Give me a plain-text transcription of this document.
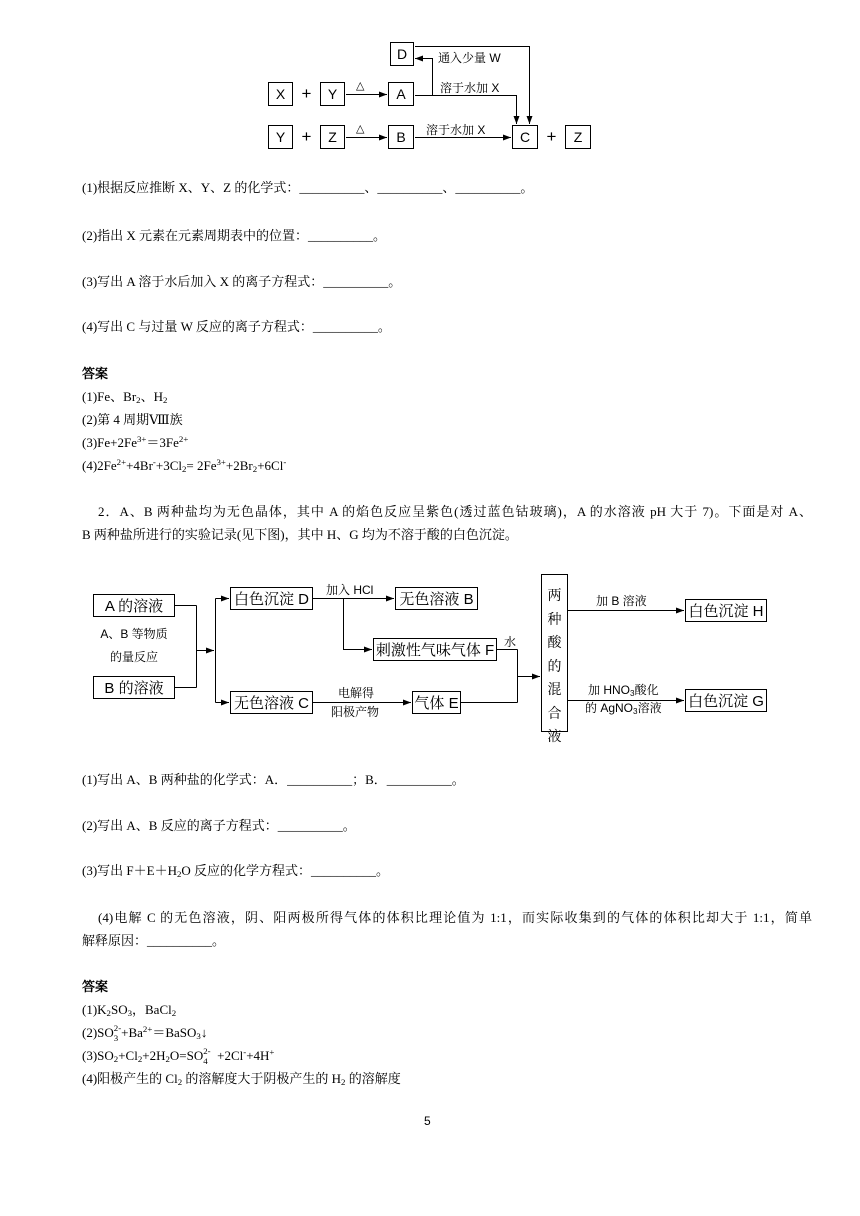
D	通入少量 W
X +	Y	△	A	溶于水加 X
Y +	Z	△	B	溶于水加 X	C +	Z
(1)根据反应推断 X、Y、Z 的化学式：__________、__________、__________。
(2)指出 X 元素在元素周期表中的位置：__________。
(3)写出 A 溶于水后加入 X 的离子方程式：__________。
(4)写出 C 与过量 W 反应的离子方程式：__________。
答案
(1)Fe、$Br_2$、$H_2$
(2)第 4 周期Ⅷ族
$(3)Fe+2Fe^{3+}=3Fe^{2+}$
$(4)2Fe^{2+}+4Br^-+3Cl_2= 2Fe^{3+}+2Br_2+6Cl^-$
2．A、B 两种盐均为无色晶体，其中 A 的焰色反应呈紫色(透过蓝色钴玻璃)，A 的水溶液 pH 大于 7)。下面是对 A、
B 两种盐所进行的实验记录(见下图)，其中 H、G 均为不溶于酸的白色沉淀。
A 的溶液
A、B 等物质
的量反应
B 的溶液
白色沉淀 D
加入 HCl
无色溶液 B
刺激性气味气体 F 水
无色溶液 C
电解得
阳极产物 气体 E
两种酸的混合液
加 B 溶液
白色沉淀 H
加 $HNO_3$酸化
的 AgNO$_3$溶液 白色沉淀 G
(1)写出 A、B 两种盐的化学式：A．__________；B．__________。
(2)写出 A、B 反应的离子方程式：__________。
(3)写出 $F+E+H_2O$ 反应的化学方程式：__________。
(4)电解 C 的无色溶液，阴、阳两极所得气体的体积比理论值为 1:1，而实际收集到的气体的体积比却大于 1:1，简单
解释原因：__________。
答案
$(1)K_2SO_3$，BaCl$_2$
(2)SO 2-
$3 +Ba^{2+}=BaSO_3↓$
$(3)SO_2+Cl_2+2H_2O=SO$ 2-
4 +2Cl-+4H+
(4)阳极产生的 $Cl_2$ 的溶解度大于阴极产生的 $H_2$ 的溶解度
5
